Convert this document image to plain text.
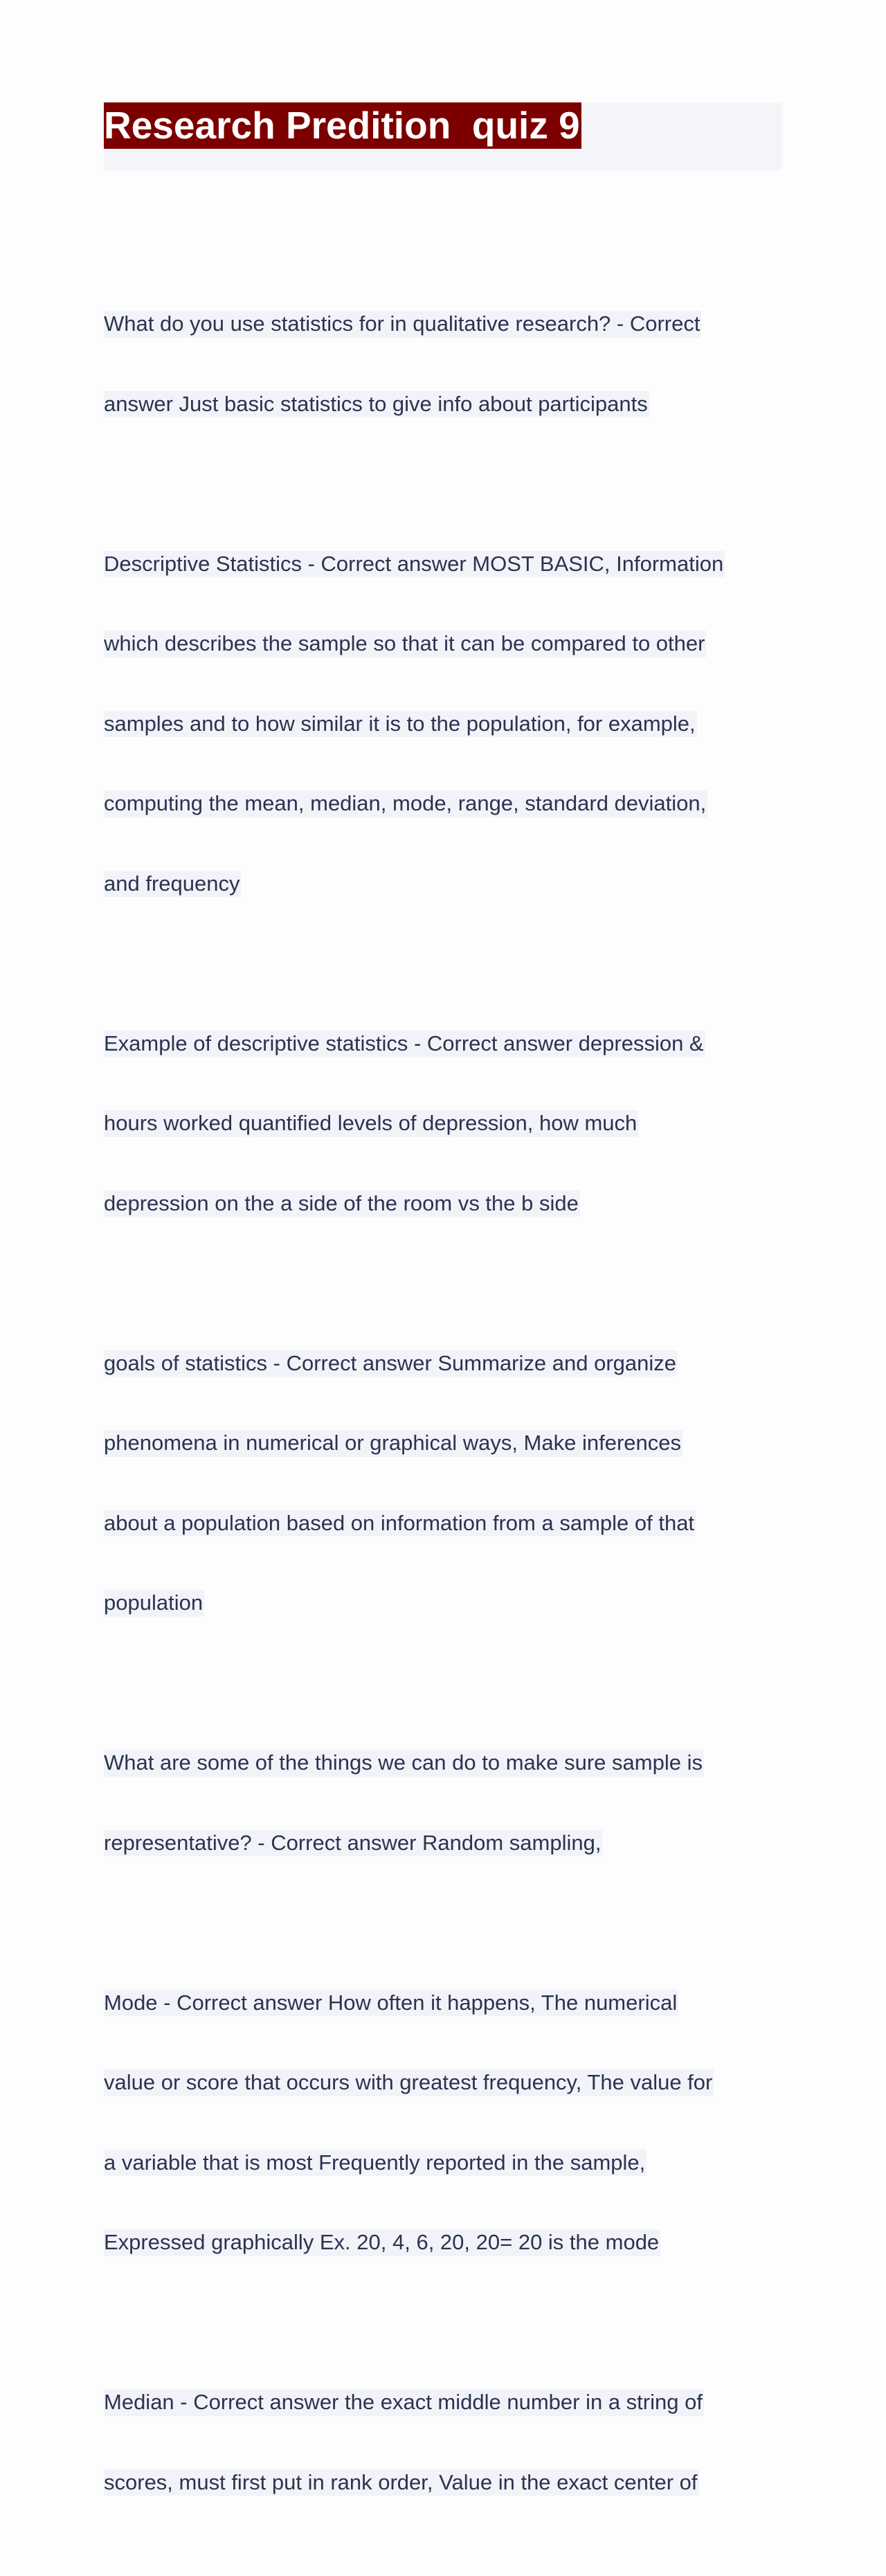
Research Predition  quiz 9

What do you use statistics for in qualitative research? - Correct

answer Just basic statistics to give info about participants

Descriptive Statistics - Correct answer MOST BASIC, Information

which describes the sample so that it can be compared to other

samples and to how similar it is to the population, for example,

computing the mean, median, mode, range, standard deviation,

and frequency

Example of descriptive statistics - Correct answer depression &

hours worked quantified levels of depression, how much

depression on the a side of the room vs the b side

goals of statistics - Correct answer Summarize and organize

phenomena in numerical or graphical ways, Make inferences

about a population based on information from a sample of that

population

What are some of the things we can do to make sure sample is

representative? - Correct answer Random sampling,

Mode - Correct answer How often it happens, The numerical

value or score that occurs with greatest frequency, The value for

a variable that is most Frequently reported in the sample,

Expressed graphically Ex. 20, 4, 6, 20, 20= 20 is the mode

Median - Correct answer the exact middle number in a string of

scores, must first put in rank order, Value in the exact center of
